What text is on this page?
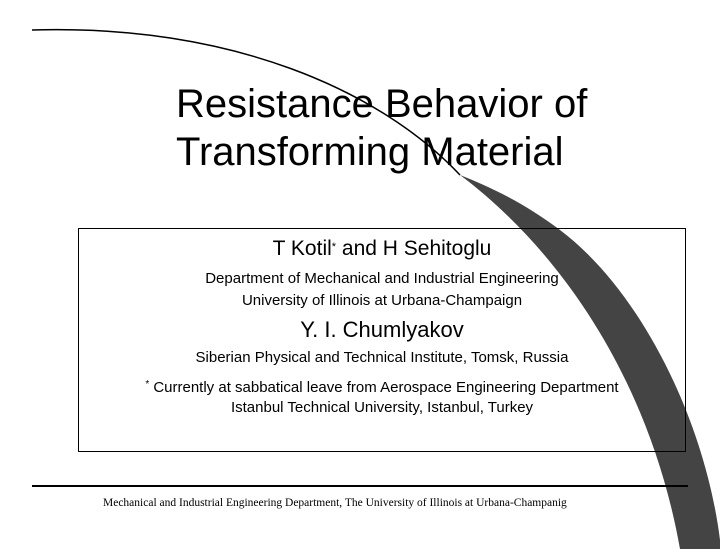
Resistance Behavior of
Transforming Material

T Kotil* and H Sehitoglu

Department of Mechanical and Industrial Engineering

University of Illinois at Urbana-Champaign

Y. I. Chumlyakov

Siberian Physical and Technical Institute, Tomsk, Russia

* Currently at sabbatical leave from Aerospace Engineering Department
Istanbul Technical University, Istanbul, Turkey

Mechanical and Industrial Engineering Department, The University of Illinois at Urbana-Champanig
